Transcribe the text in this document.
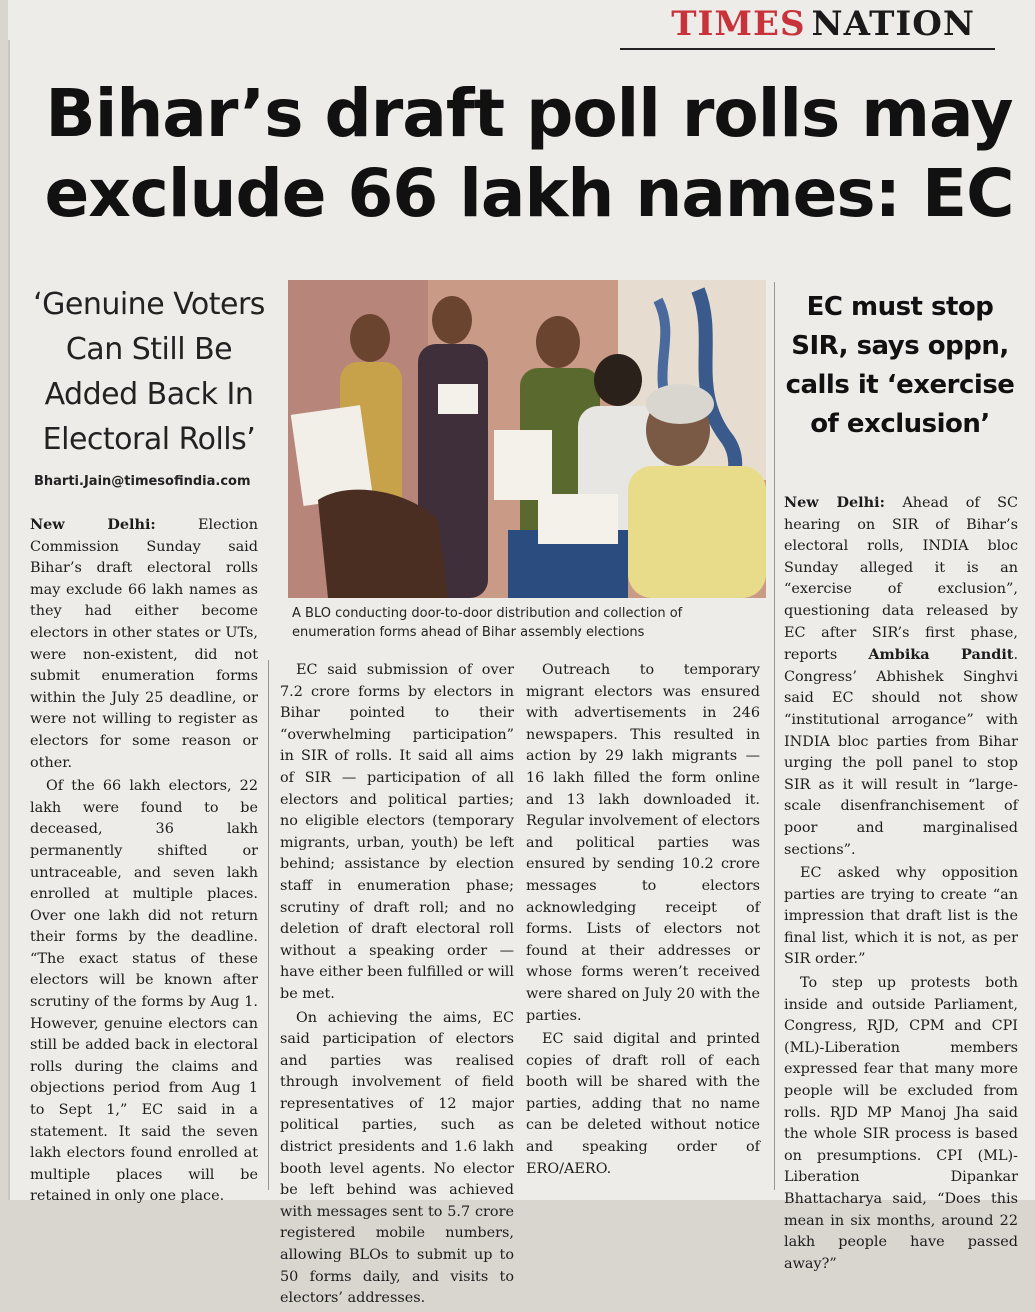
TIMES NATION
Bihar’s draft poll rolls may exclude 66 lakh names: EC
‘Genuine Voters Can Still Be Added Back In Electoral Rolls’
Bharti.Jain@timesofindia.com
A BLO conducting door-to-door distribution and collection of enumeration forms ahead of Bihar assembly elections

New Delhi:	Election Commission Sunday said Bihar’s draft electoral rolls may exclude 66 lakh names as they had either become electors in other states or UTs, were non-existent, did not submit enumeration forms within the July 25 deadline, or were not willing to register as electors for some reason or other.

Of the 66 lakh electors, 22 lakh were found to be deceased, 36 lakh permanently shifted or untraceable, and seven lakh enrolled at multiple places. Over one lakh did not return their forms by the deadline. “The exact status of these electors will be known after scrutiny of the forms by Aug 1. However, genuine electors can still be added back in electoral rolls during the claims and objections period from Aug 1 to Sept 1,” EC said in a statement. It said the seven lakh electors found enrolled at multiple places will be retained in only one place.

EC said submission of over 7.2 crore forms by electors in Bihar pointed to their “overwhelming participation” in SIR of rolls. It said all aims of SIR — participation of all electors and political parties; no eligible electors (temporary migrants, urban, youth) be left behind; assistance by election staff in enumeration phase; scrutiny of draft roll; and no deletion of draft electoral roll without a speaking order — have either been fulfilled or will be met.

On achieving the aims, EC said participation of electors and parties was realised through involvement of field representatives of 12 major political parties, such as district presidents and 1.6 lakh booth level agents. No elector be left behind was achieved with messages sent to 5.7 crore registered mobile numbers, allowing BLOs to submit up to 50 forms daily, and visits to electors’ addresses.

Outreach to temporary migrant electors was ensured with advertisements in 246 newspapers. This resulted in action by 29 lakh migrants — 16 lakh filled the form online and 13 lakh downloaded it. Regular involvement of electors and political parties was ensured by sending 10.2 crore messages to electors acknowledging receipt of forms. Lists of electors not found at their addresses or whose forms weren’t received were shared on July 20 with the parties.

EC said digital and printed copies of draft roll of each booth will be shared with the parties, adding that no name can be deleted without notice and speaking order of ERO/AERO.

EC must stop SIR, says oppn, calls it ‘exercise of exclusion’

New Delhi: Ahead of SC hearing on SIR of Bihar’s electoral rolls, INDIA bloc Sunday alleged it is an “exercise of exclusion”, questioning data released by EC after SIR’s first phase, reports Ambika Pandit. Congress’ Abhishek Singhvi said EC should not show “institutional arrogance” with INDIA bloc parties from Bihar urging the poll panel to stop SIR as it will result in “large-scale disenfranchisement of poor and marginalised sections”.

EC asked why opposition parties are trying to create “an impression that draft list is the final list, which it is not, as per SIR order.”

To step up protests both inside and outside Parliament, Congress, RJD, CPM and CPI (ML)-Liberation members expressed fear that many more people will be excluded from rolls. RJD MP Manoj Jha said the whole SIR process is based on presumptions. CPI (ML)-Liberation Dipankar Bhattacharya said, “Does this mean in six months, around 22 lakh people have passed away?”
